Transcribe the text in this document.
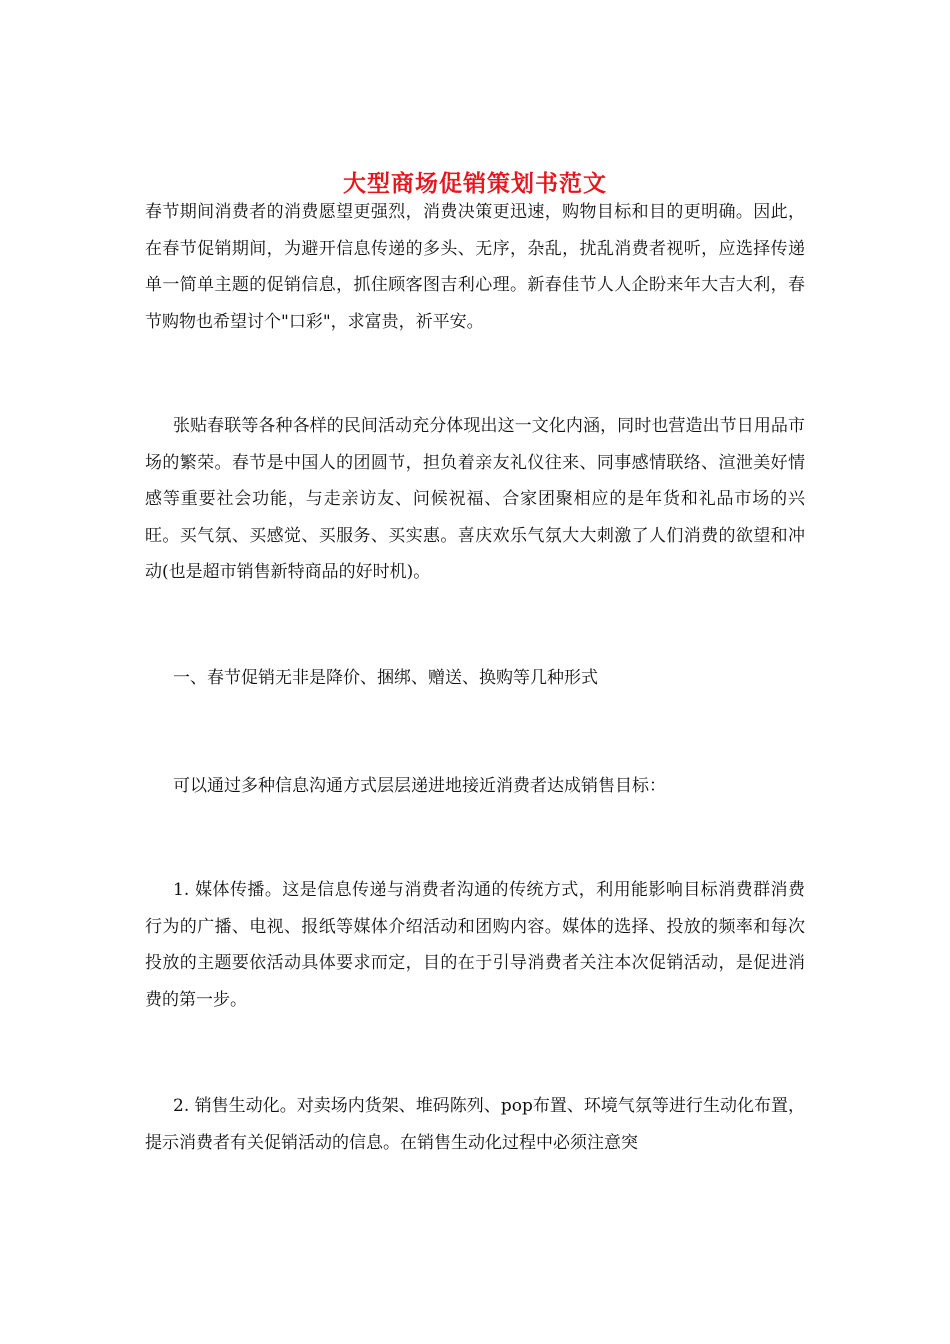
大型商场促销策划书范文

春节期间消费者的消费愿望更强烈，消费决策更迅速，购物目标和目的更明确。因此，在春节促销期间，为避开信息传递的多头、无序，杂乱，扰乱消费者视听，应选择传递单一简单主题的促销信息，抓住顾客图吉利心理。新春佳节人人企盼来年大吉大利，春节购物也希望讨个"口彩"，求富贵，祈平安。

张贴春联等各种各样的民间活动充分体现出这一文化内涵，同时也营造出节日用品市场的繁荣。春节是中国人的团圆节，担负着亲友礼仪往来、同事感情联络、渲泄美好情感等重要社会功能，与走亲访友、问候祝福、合家团聚相应的是年货和礼品市场的兴旺。买气氛、买感觉、买服务、买实惠。喜庆欢乐气氛大大刺激了人们消费的欲望和冲动(也是超市销售新特商品的好时机)。

一、春节促销无非是降价、捆绑、赠送、换购等几种形式

可以通过多种信息沟通方式层层递进地接近消费者达成销售目标：

1. 媒体传播。这是信息传递与消费者沟通的传统方式，利用能影响目标消费群消费行为的广播、电视、报纸等媒体介绍活动和团购内容。媒体的选择、投放的频率和每次投放的主题要依活动具体要求而定，目的在于引导消费者关注本次促销活动，是促进消费的第一步。

2. 销售生动化。对卖场内货架、堆码陈列、pop布置、环境气氛等进行生动化布置，提示消费者有关促销活动的信息。在销售生动化过程中必须注意突
